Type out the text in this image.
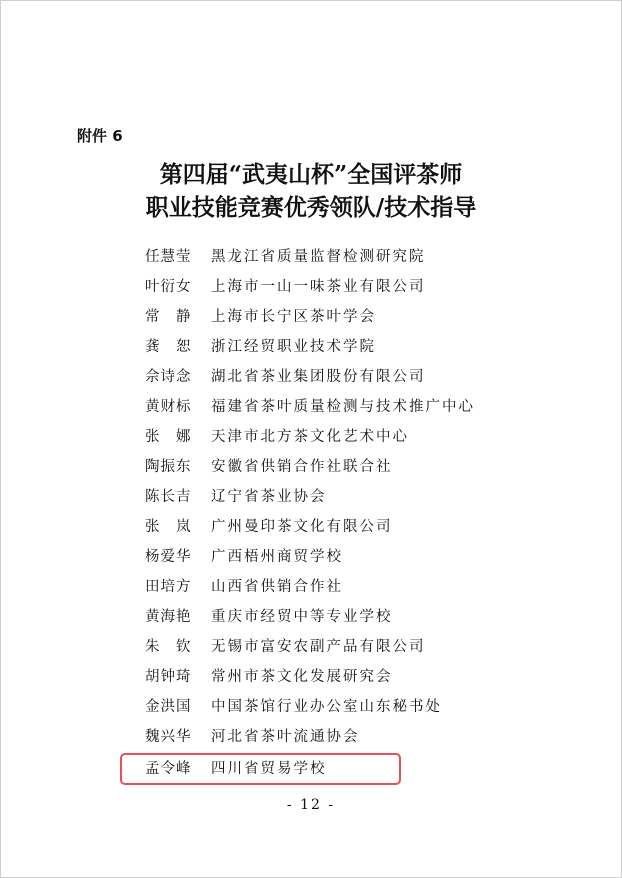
附件 6
第四届“武夷山杯”全国评茶师
职业技能竞赛优秀领队/技术指导
任慧莹 黑龙江省质量监督检测研究院
叶衍女 上海市一山一味茶业有限公司
常　静 上海市长宁区茶叶学会
龚　恕 浙江经贸职业技术学院
佘诗念 湖北省茶业集团股份有限公司
黄财标 福建省茶叶质量检测与技术推广中心
张　娜 天津市北方茶文化艺术中心
陶振东 安徽省供销合作社联合社
陈长吉 辽宁省茶业协会
张　岚 广州曼印茶文化有限公司
杨爱华 广西梧州商贸学校
田培方 山西省供销合作社
黄海艳 重庆市经贸中等专业学校
朱　钦 无锡市富安农副产品有限公司
胡钟琦 常州市茶文化发展研究会
金洪国 中国茶馆行业办公室山东秘书处
魏兴华 河北省茶叶流通协会
孟令峰 四川省贸易学校
- 12 -
